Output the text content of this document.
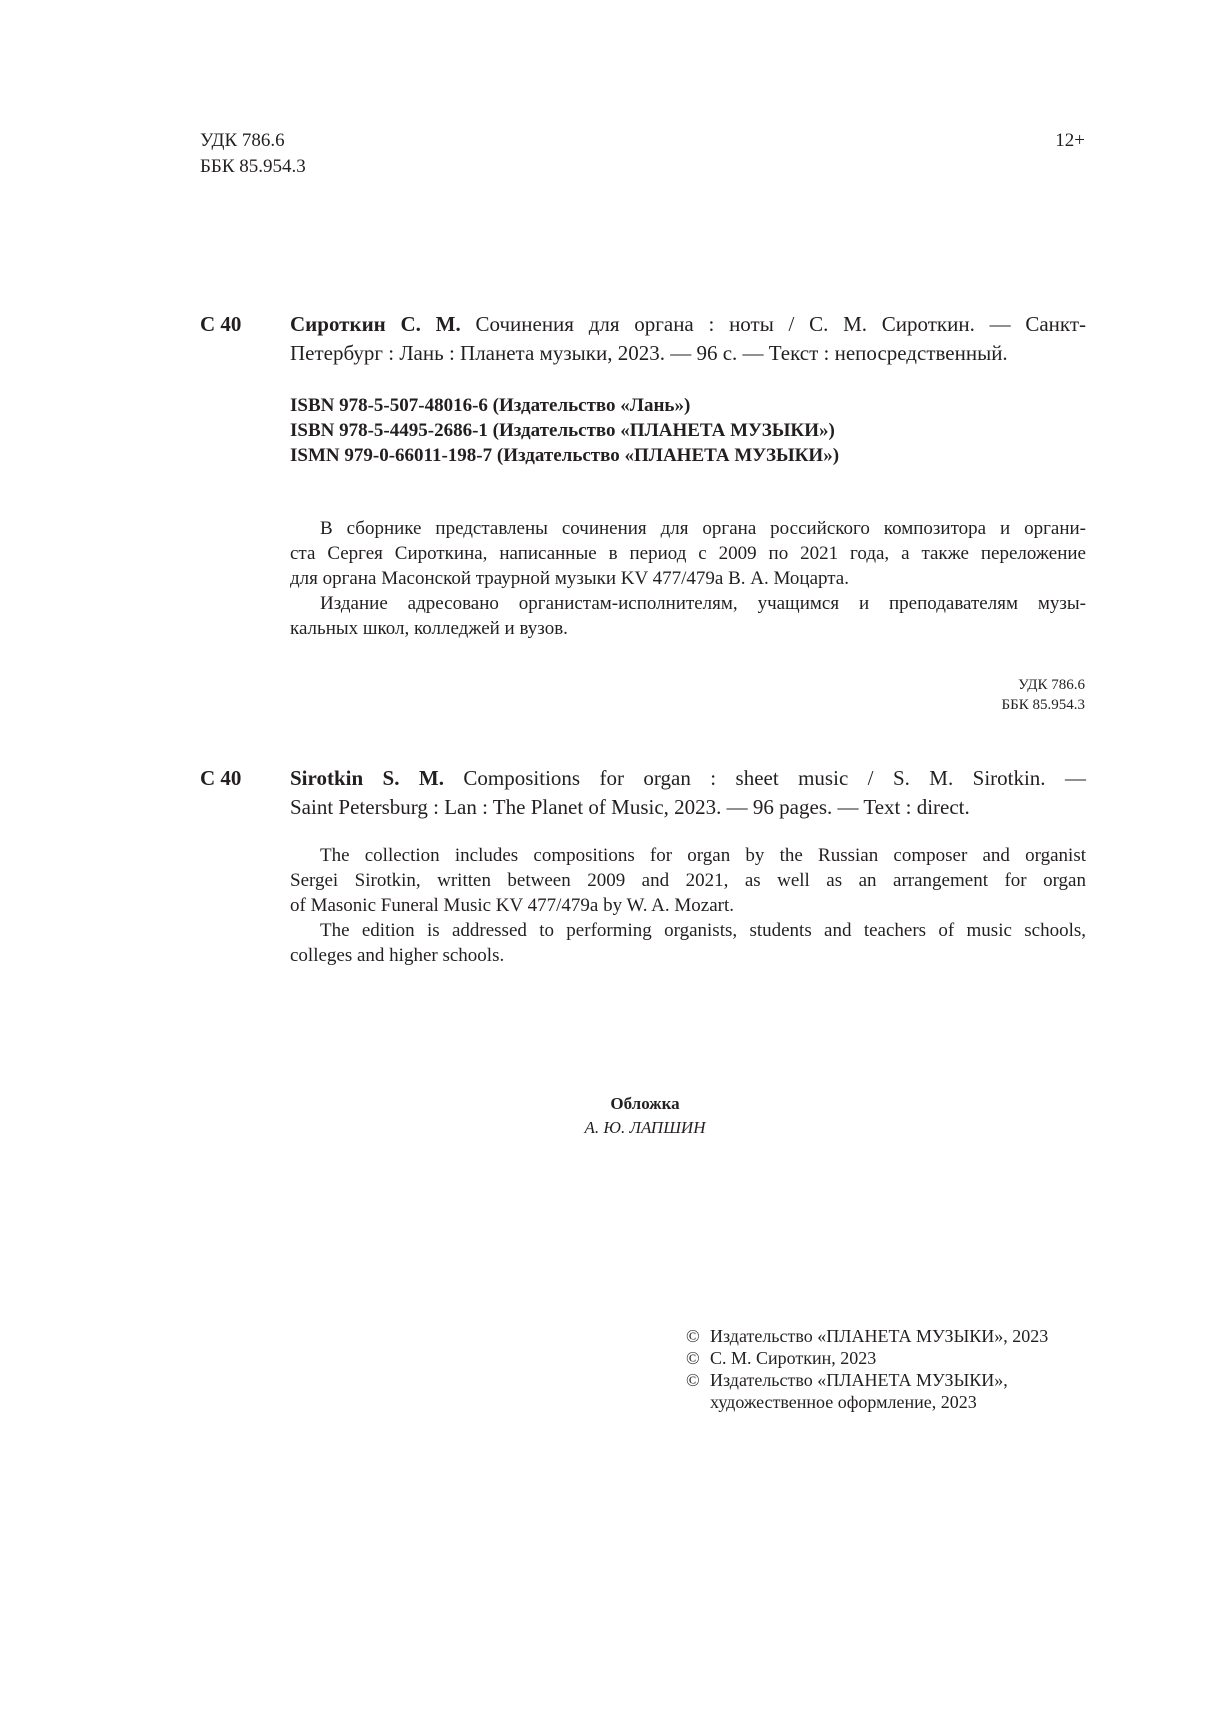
УДК 786.6
ББК 85.954.3
12+
С 40 Сироткин С. М. Сочинения для органа : ноты / С. М. Сироткин. — Санкт-
Петербург : Лань : Планета музыки, 2023. — 96 с. — Текст : непосредственный.
ISBN 978-5-507-48016-6 (Издательство «Лань»)
ISBN 978-5-4495-2686-1 (Издательство «ПЛАНЕТА МУЗЫКИ»)
ISMN 979-0-66011-198-7 (Издательство «ПЛАНЕТА МУЗЫКИ»)
В сборнике представлены сочинения для органа российского композитора и органи-
ста Сергея Сироткина, написанные в период с 2009 по 2021 года, а также переложение
для органа Масонской траурной музыки KV 477/479a В. А. Моцарта.
Издание адресовано органистам-исполнителям, учащимся и преподавателям музы-
кальных школ, колледжей и вузов.
УДК 786.6
ББК 85.954.3
С 40 Sirotkin S. M. Compositions for organ : sheet music / S. M. Sirotkin. —
Saint Petersburg : Lan : The Planet of Music, 2023. — 96 pages. — Text : direct.
The collection includes compositions for organ by the Russian composer and organist
Sergei Sirotkin, written between 2009 and 2021, as well as an arrangement for organ
of Masonic Funeral Music KV 477/479a by W. A. Mozart.
The edition is addressed to performing organists, students and teachers of music schools,
colleges and higher schools.
Обложка
А. Ю. ЛАПШИН
© Издательство «ПЛАНЕТА МУЗЫКИ», 2023
© С. М. Сироткин, 2023
© Издательство «ПЛАНЕТА МУЗЫКИ»,
художественное оформление, 2023
